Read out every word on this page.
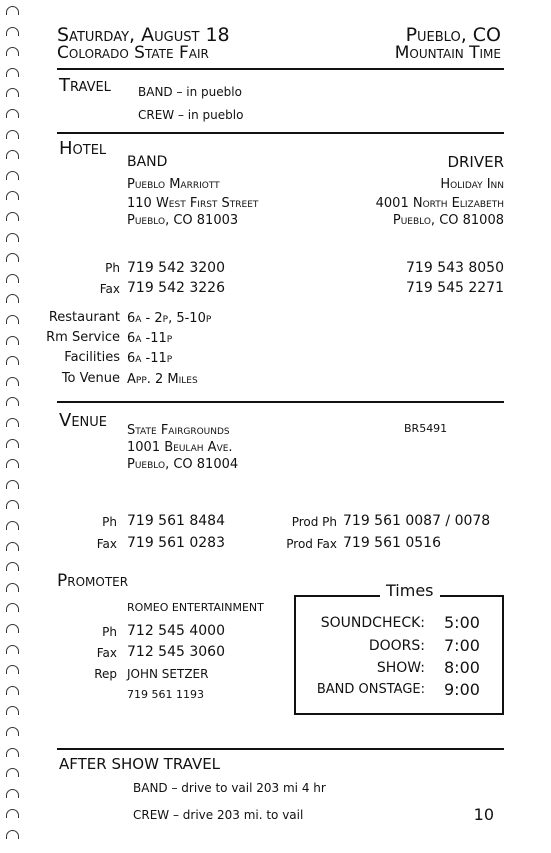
Saturday, August 18
Colorado State Fair
Pueblo, CO
Mountain Time
Travel BAND – in pueblo
CREW – in pueblo
Hotel
BAND	DRIVER
Pueblo Marriott
110 West First Street
Pueblo, CO 81003
Holiday Inn
4001 North Elizabeth
Pueblo, CO 81008
Ph
Fax
719 542 3200
719 542 3226
719 543 8050
719 545 2271
Restaurant
Rm Service
Facilities
To Venue
6a - 2p, 5-10p
6a -11p
6a -11p
App. 2 Miles
Venue State Fairgrounds
1001 Beulah Ave.
Pueblo, CO 81004
BR5491
Ph
Fax
719 561 8484
719 561 0283
Prod Ph
Prod Fax
719 561 0087 / 0078
719 561 0516
Promoter
ROMEO ENTERTAINMENT
Ph
Fax
Rep
712 545 4000
712 545 3060
JOHN SETZER
719 561 1193
Times
SOUNDCHECK:
DOORS:
SHOW:
BAND ONSTAGE:
5:00
7:00
8:00
9:00
AFTER SHOW TRAVEL
BAND – drive to vail 203 mi 4 hr
CREW – drive 203 mi. to vail	10
